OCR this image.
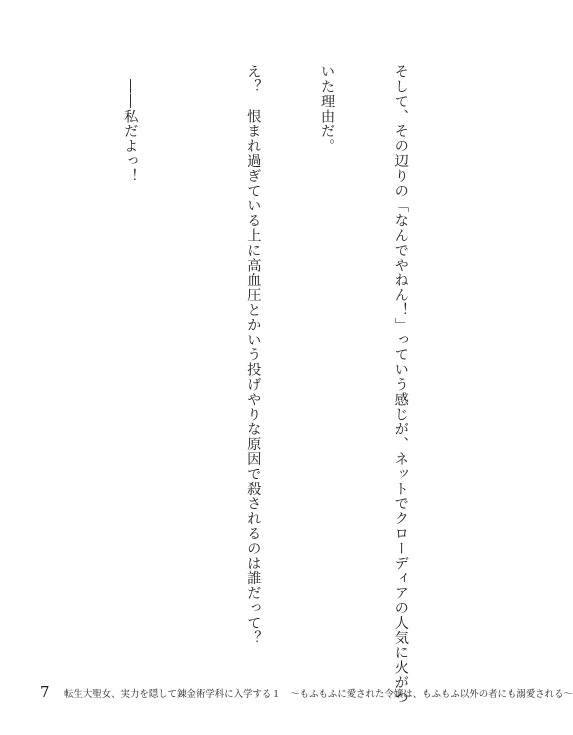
そして、その辺りの「なんでやねん！」っていう感じが、ネットでクローディアの人気に火がつ

いた理由だ。

え？　恨まれ過ぎている上に高血圧とかいう投げやりな原因で殺されるのは誰だって？

　――私だよっ！

7 転生大聖女、実力を隠して錬金術学科に入学する１　〜もふもふに愛された令嬢は、もふもふ以外の者にも溺愛される〜
